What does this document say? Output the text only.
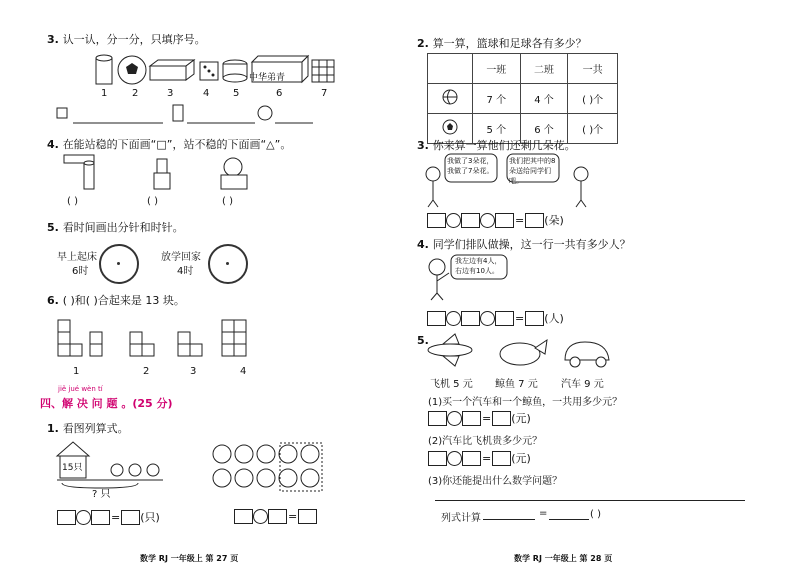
3. 认一认，分一分，只填序号。
中华弟青
1 2	3	4 5	6	7
4. 在能站稳的下面画“□”，站不稳的下面画“△”。
( )	( )	( )
5. 看时间画出分针和时针。
早上起床
6时
放学回家
4时
6. ( )和( )合起来是 13 块。
1	2	3	4
jiě jué wèn tí
四、解 决 问 题 。(25 分)
1. 看图列算式。
15只
? 只
= (只)	=
数学 RJ 一年级上 第 27 页
2. 算一算，篮球和足球各有多少？
	一班	二班	一共
	7 个	4 个	( )个
	5 个	6 个	( )个
3. 你来算一算他们还剩几朵花。
我做了3朵花，我做了7朵花。
我们把其中的8朵送给同学们吧。
= (朵)
4. 同学们排队做操，这一行一共有多少人？
我左边有4人，右边有10人。
= (人)
5.
飞机 5 元 鲸鱼 7 元 汽车 9 元
(1)买一个汽车和一个鲸鱼，一共用多少元？
= (元)
(2)汽车比飞机贵多少元？
= (元)
(3)你还能提出什么数学问题？
列式计算	=	( )
数学 RJ 一年级上 第 28 页
